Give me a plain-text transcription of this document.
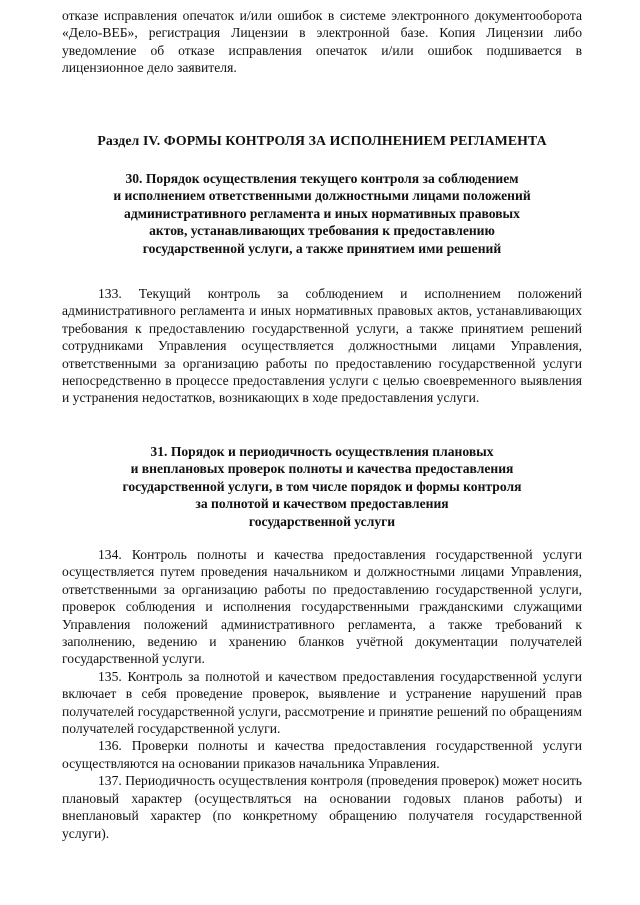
отказе исправления опечаток и/или ошибок в системе электронного документооборота «Дело-ВЕБ», регистрация Лицензии в электронной базе. Копия Лицензии либо уведомление об отказе исправления опечаток и/или ошибок подшивается в лицензионное дело заявителя.

Раздел IV. ФОРМЫ КОНТРОЛЯ ЗА ИСПОЛНЕНИЕМ РЕГЛАМЕНТА

30. Порядок осуществления текущего контроля за соблюдением

и исполнением ответственными должностными лицами положений

административного регламента и иных нормативных правовых

актов, устанавливающих требования к предоставлению

государственной услуги, а также принятием ими решений

133. Текущий контроль за соблюдением и исполнением положений административного регламента и иных нормативных правовых актов, устанавливающих требования к предоставлению государственной услуги, а также принятием решений сотрудниками Управления осуществляется должностными лицами Управления, ответственными за организацию работы по предоставлению государственной услуги непосредственно в процессе предоставления услуги с целью своевременного выявления и устранения недостатков, возникающих в ходе предоставления услуги.

31. Порядок и периодичность осуществления плановых

и внеплановых проверок полноты и качества предоставления

государственной услуги, в том числе порядок и формы контроля

за полнотой и качеством предоставления

государственной услуги

134. Контроль полноты и качества предоставления государственной услуги осуществляется путем проведения начальником и должностными лицами Управления, ответственными за организацию работы по предоставлению государственной услуги, проверок соблюдения и исполнения государственными гражданскими служащими Управления положений административного регламента, а также требований к заполнению, ведению и хранению бланков учётной документации получателей государственной услуги.

135. Контроль за полнотой и качеством предоставления государственной услуги включает в себя проведение проверок, выявление и устранение нарушений прав получателей государственной услуги, рассмотрение и принятие решений по обращениям получателей государственной услуги.

136. Проверки полноты и качества предоставления государственной услуги осуществляются на основании приказов начальника Управления.

137. Периодичность осуществления контроля (проведения проверок) может носить плановый характер (осуществляться на основании годовых планов работы) и внеплановый характер (по конкретному обращению получателя государственной услуги).
